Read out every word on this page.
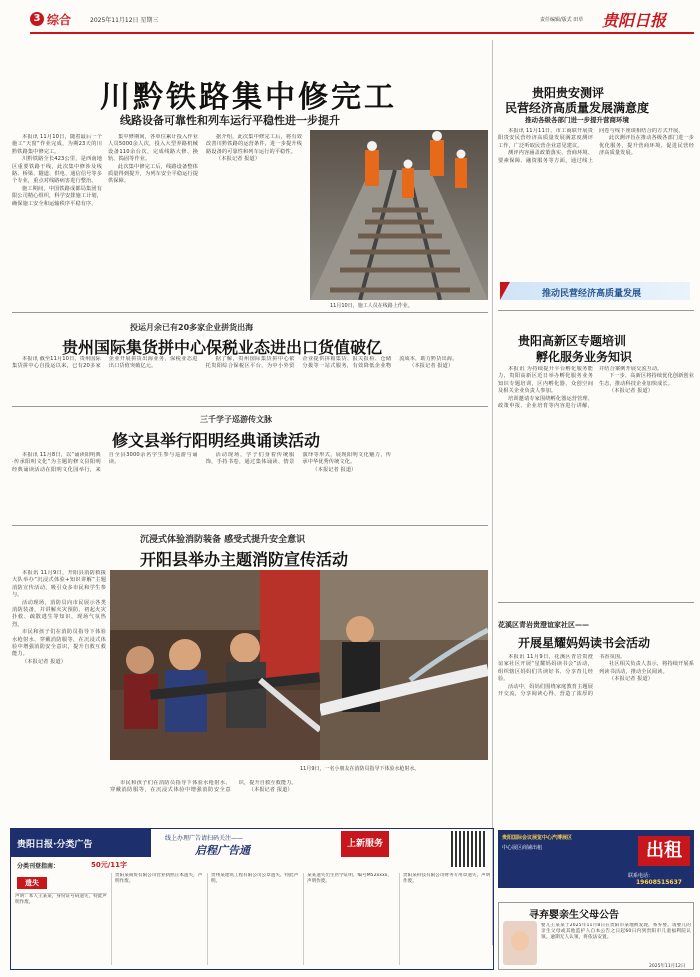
3 综合	2025年11月12日 星期三	责任编辑/版式 田草 贵阳日报
川黔铁路集中修完工
线路设备可靠性和列车运行平稳性进一步提升
11月10日，施工人员在线路上作业。

本报讯 11月10日，随着最后一个施工“天窗”作业完成，为期23天的川黔铁路集中修完工。

川黔铁路全长423公里，是西南地区重要铁路干线，此次集中修涉及线路、桥梁、隧道、供电、通信信号等多个专业，重点对线路病害进行整治。

施工期间，中国铁路成都局集团有限公司精心组织，科学安排施工计划，确保施工安全和运输秩序平稳有序。

集中修期间，各单位累计投入作业人员5000余人次，投入大型养路机械设备110余台次，完成线路大修、换轨、捣固等作业。

此次集中修完工后，线路设备整体质量得到提升，为列车安全平稳运行提供保障。

据介绍，此次集中修完工后，将有效改善川黔铁路的运营条件，进一步提升线路设备的可靠性和列车运行的平稳性。

（本报记者 报道）

投运月余已有20多家企业拼货出海
贵州国际集货拼中心保税业态进出口货值破亿

本报讯 截至11月10日，贵州国际集货拼中心自投运以来，已有20多家企业开展拼货出海业务，保税业态进出口货值突破亿元。

据了解，贵州国际集货拼中心依托贵阳综合保税区平台，为中小外贸企业提供拼箱集货、报关报检、仓储分拨等一站式服务，有效降低企业物流成本，助力黔货出海。

（本报记者 报道）

三千学子巡游传文脉
修文县举行阳明经典诵读活动

本报讯 11月8日，以“诵读阳明典·传承阳明文化”为主题的修文县阳明经典诵读活动在阳明文化园举行，来自全县3000余名学生参与巡游与诵读。

活动现场，学子们身着传统服饰，手持书卷，通过集体诵读、情景演绎等形式，展现阳明文化魅力，传承中华优秀传统文化。

（本报记者 报道）

沉浸式体验消防装备 感受式提升安全意识
开阳县举办主题消防宣传活动

本报讯 11月9日，开阳县消防救援大队举办“沉浸式体验+知识讲解”主题消防宣传活动，吸引众多市民和学生参与。

活动现场，消防员向市民展示各类消防装备，并讲解火灾预防、初起火灾扑救、疏散逃生等知识，现场气氛热烈。

市民和孩子们在消防员指导下体验水枪射水、穿戴消防服等，在沉浸式体验中增强消防安全意识，提升自救互救能力。

（本报记者 报道）

11月9日，一名小朋友在消防员指导下体验水枪射水。

市民和孩子们在消防员指导下体验水枪射水、穿戴消防服等，在沉浸式体验中增强消防安全意识，提升自救互救能力。

（本报记者 报道）

贵阳贵安测评
民营经济高质量发展满意度
推动各级各部门进一步提升营商环境

本报讯 11月11日，市工商联开展贵阳贵安民营经济高质量发展满意度测评工作，广泛听取民营企业意见建议。

测评内容涵盖政策落实、营商环境、要素保障、融资服务等方面，通过线上问卷与线下座谈相结合的方式开展。

此次测评旨在推动各级各部门进一步优化服务，提升营商环境，促进民营经济高质量发展。

推动民营经济高质量发展
贵阳高新区专题培训
孵化服务业务知识

本报讯 为持续提升平台孵化服务能力，贵阳高新区近日举办孵化服务业务知识专题培训，区内孵化器、众创空间及相关企业负责人参加。

培训邀请专家围绕孵化器运营管理、政策申报、企业培育等内容进行讲解，并结合案例开展交流互动。

下一步，高新区将持续优化创新创业生态，推动科技企业加快成长。

（本报记者 报道）

花溪区青岩贵澄谊家社区——
开展星耀妈妈读书会活动

本报讯 11月9日，花溪区青岩贵澄谊家社区开展“星耀妈妈读书会”活动，组织辖区妈妈们共读好书、分享育儿经验。

活动中，妈妈们围绕家庭教育主题展开交流，分享阅读心得，营造了浓厚的书香氛围。

社区相关负责人表示，将持续开展系列读书活动，推动全民阅读。

（本报记者 报道）

贵阳国际会议展览中心汽博展区
中心展区商铺出租	出租
联系电话：
19608515637
寻弃婴亲生父母公告
婴儿王某某于2025年11月8日在贵阳市某地被发现，系弃婴。请婴儿的亲生父母或其他监护人自本公告之日起60日内到贵阳市儿童福利院认领。逾期无人认领，将依法安置。
2025年11月12日
贵阳日报·分类广告
线上办理广告请扫码关注——
启程广告通	上新服务
分类刊登指南：	50元/11字
遗失
声明：本人王某某，身份证号码遗失，特此声明作废。
贵阳某商贸有限公司营业执照正本遗失，声明作废。
贵州某建筑工程有限公司公章遗失，特此声明。
某某遗失出生医学证明，编号M52xxxx，声明作废。
贵阳某科技有限公司财务专用章遗失，声明作废。
